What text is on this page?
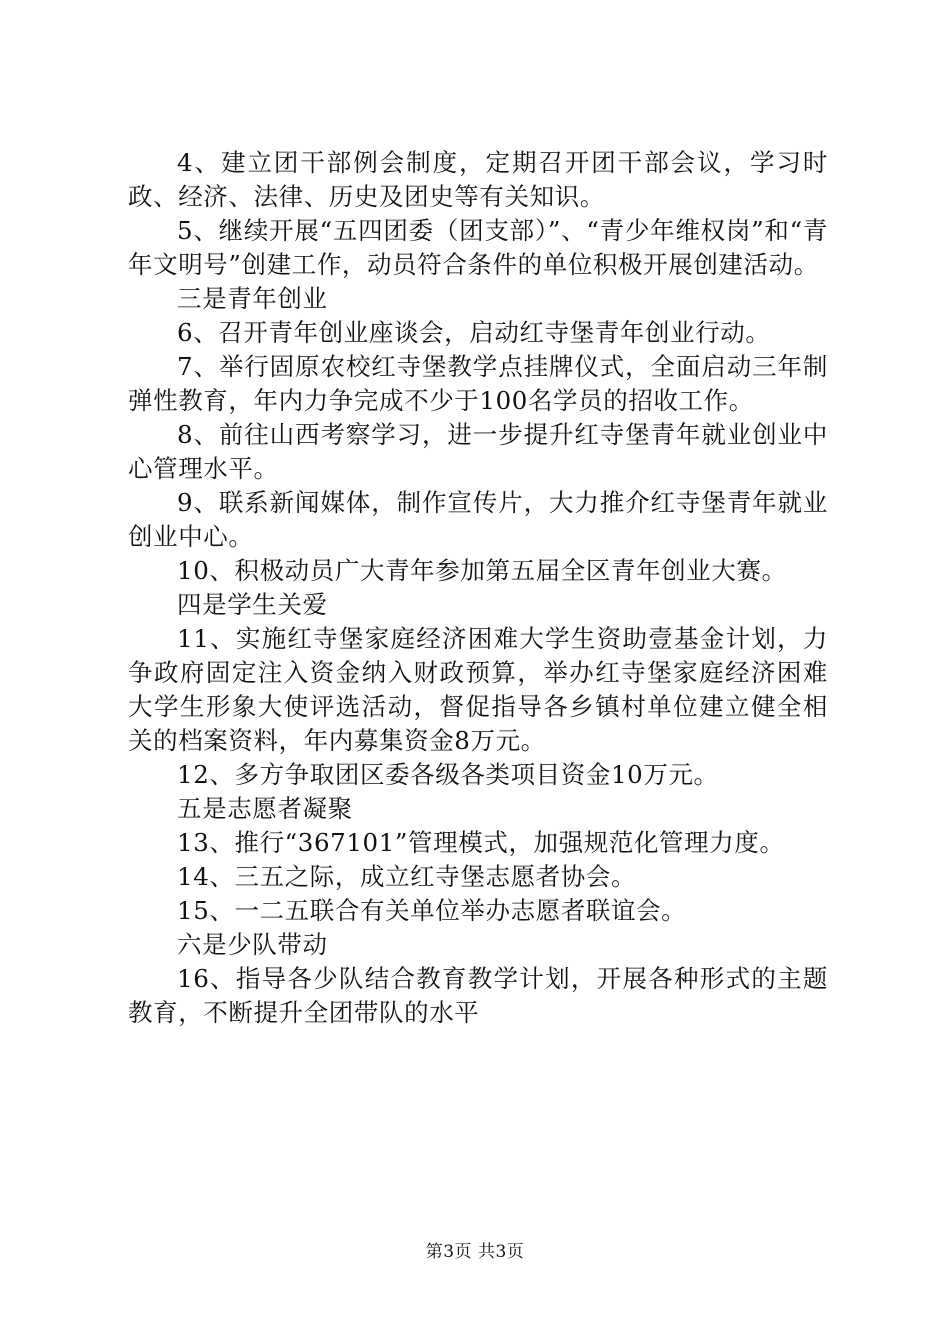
4、建立团干部例会制度，定期召开团干部会议，学习时政、经济、法律、历史及团史等有关知识。

5、继续开展“五四团委（团支部）”、“青少年维权岗”和“青年文明号”创建工作，动员符合条件的单位积极开展创建活动。

三是青年创业

6、召开青年创业座谈会，启动红寺堡青年创业行动。

7、举行固原农校红寺堡教学点挂牌仪式，全面启动三年制弹性教育，年内力争完成不少于100名学员的招收工作。

8、前往山西考察学习，进一步提升红寺堡青年就业创业中心管理水平。

9、联系新闻媒体，制作宣传片，大力推介红寺堡青年就业创业中心。

10、积极动员广大青年参加第五届全区青年创业大赛。

四是学生关爱

11、实施红寺堡家庭经济困难大学生资助壹基金计划，力争政府固定注入资金纳入财政预算，举办红寺堡家庭经济困难大学生形象大使评选活动，督促指导各乡镇村单位建立健全相关的档案资料，年内募集资金8万元。

12、多方争取团区委各级各类项目资金10万元。

五是志愿者凝聚

13、推行“367101”管理模式，加强规范化管理力度。

14、三五之际，成立红寺堡志愿者协会。

15、一二五联合有关单位举办志愿者联谊会。

六是少队带动

16、指导各少队结合教育教学计划，开展各种形式的主题教育，不断提升全团带队的水平

第3页 共3页
